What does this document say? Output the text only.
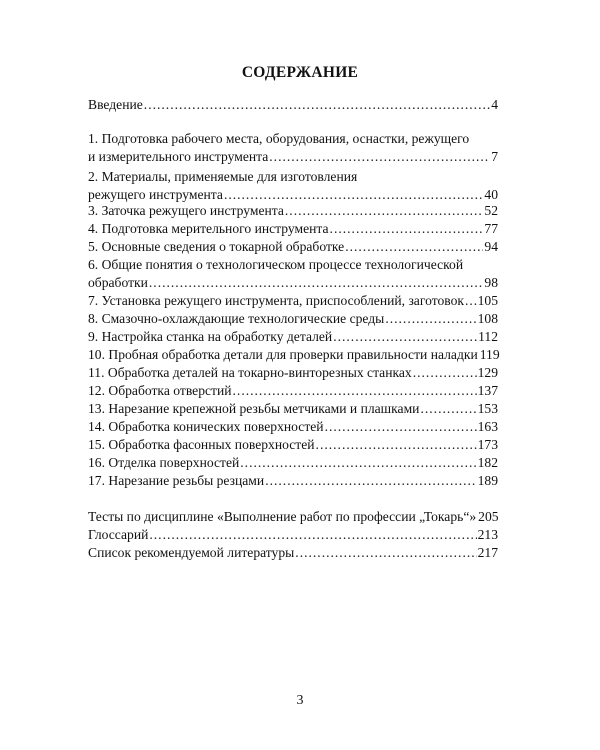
СОДЕРЖАНИЕ
Введение .....	4
1. Подготовка рабочего места, оборудования, оснастки, режущего
и измерительного инструмента .....	7
2. Материалы, применяемые для изготовления
режущего инструмента .....	40
3. Заточка режущего инструмента .....	52
4. Подготовка мерительного инструмента .....	77
5. Основные сведения о токарной обработке .....	94
6. Общие понятия о технологическом процессе технологической
обработки .....	98
7. Установка режущего инструмента, приспособлений, заготовок ..... 105
8. Смазочно-охлаждающие технологические среды .....	108
9. Настройка станка на обработку деталей .....	112
10. Пробная обработка детали для проверки правильности наладки 119
11. Обработка деталей на токарно-винторезных станках .....	129
12. Обработка отверстий .....	137
13. Нарезание крепежной резьбы метчиками и плашками .....	153
14. Обработка конических поверхностей .....	163
15. Обработка фасонных поверхностей .....	173
16. Отделка поверхностей .....	182
17. Нарезание резьбы резцами .....	189
Тесты по дисциплине «Выполнение работ по профессии „Токарь“» 205
Глоссарий .....	213
Список рекомендуемой литературы .....	217
3
